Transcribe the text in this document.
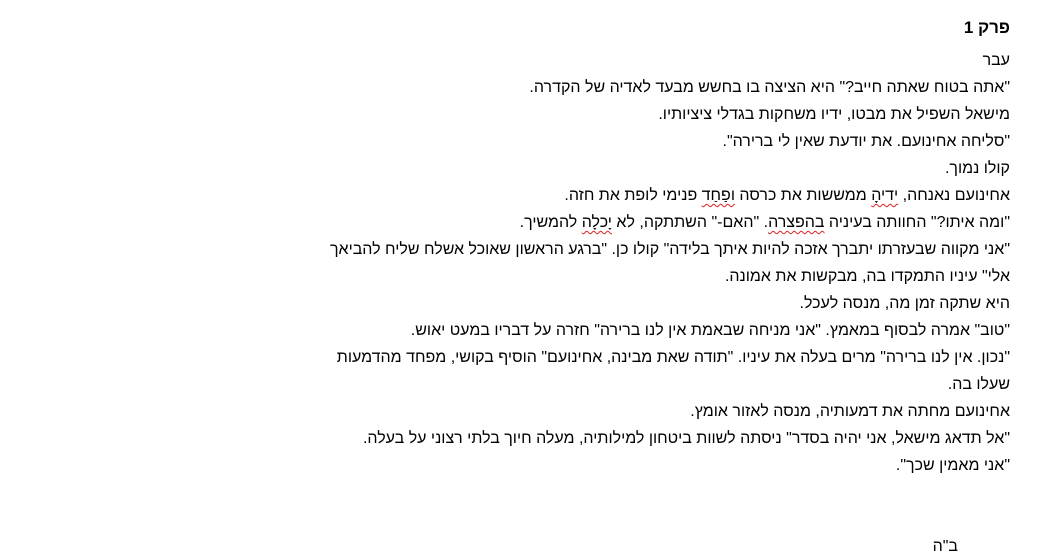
פרק 1
עבר
"אתה בטוח שאתה חייב?" היא הציצה בו בחשש מבעד לאדיה של הקדרה.
מישאל השפיל את מבטו, ידיו משחקות בגדלי ציציותיו.
"סליחה אחינועם. את יודעת שאין לי ברירה".
קולו נמוך.
אחינועם נאנחה, ידיהָ ממששות את כרסה ופַחַד פנימי לופת את חזה.
"ומה איתו?" החוותה בעיניה בהפצרה. "האם-" השתתקה, לא יָכלָה להמשיך.
"אני מקווה שבעזרתו יתברך אזכה להיות איתך בלידה" קולו כן. "ברגע הראשון שאוכל אשלח שליח להביאך
אלי" עיניו התמקדו בה, מבקשות את אמונה.
היא שתקה זמן מה, מנסה לעכל.
"טוב" אמרה לבסוף במאמץ. "אני מניחה שבאמת אין לנו ברירה" חזרה על דבריו במעט יאוש.
"נכון. אין לנו ברירה" מרים בעלה את עיניו. "תודה שאת מבינה, אחינועם" הוסיף בקושי, מפחד מהדמעות
שעלו בה.
אחינועם מחתה את דמעותיה, מנסה לאזור אומץ.
"אל תדאג מישאל, אני יהיה בסדר" ניסתה לשוות ביטחון למילותיה, מעלה חיוך בלתי רצוני על בעלה.
"אני מאמין שכך".

ב"ה
